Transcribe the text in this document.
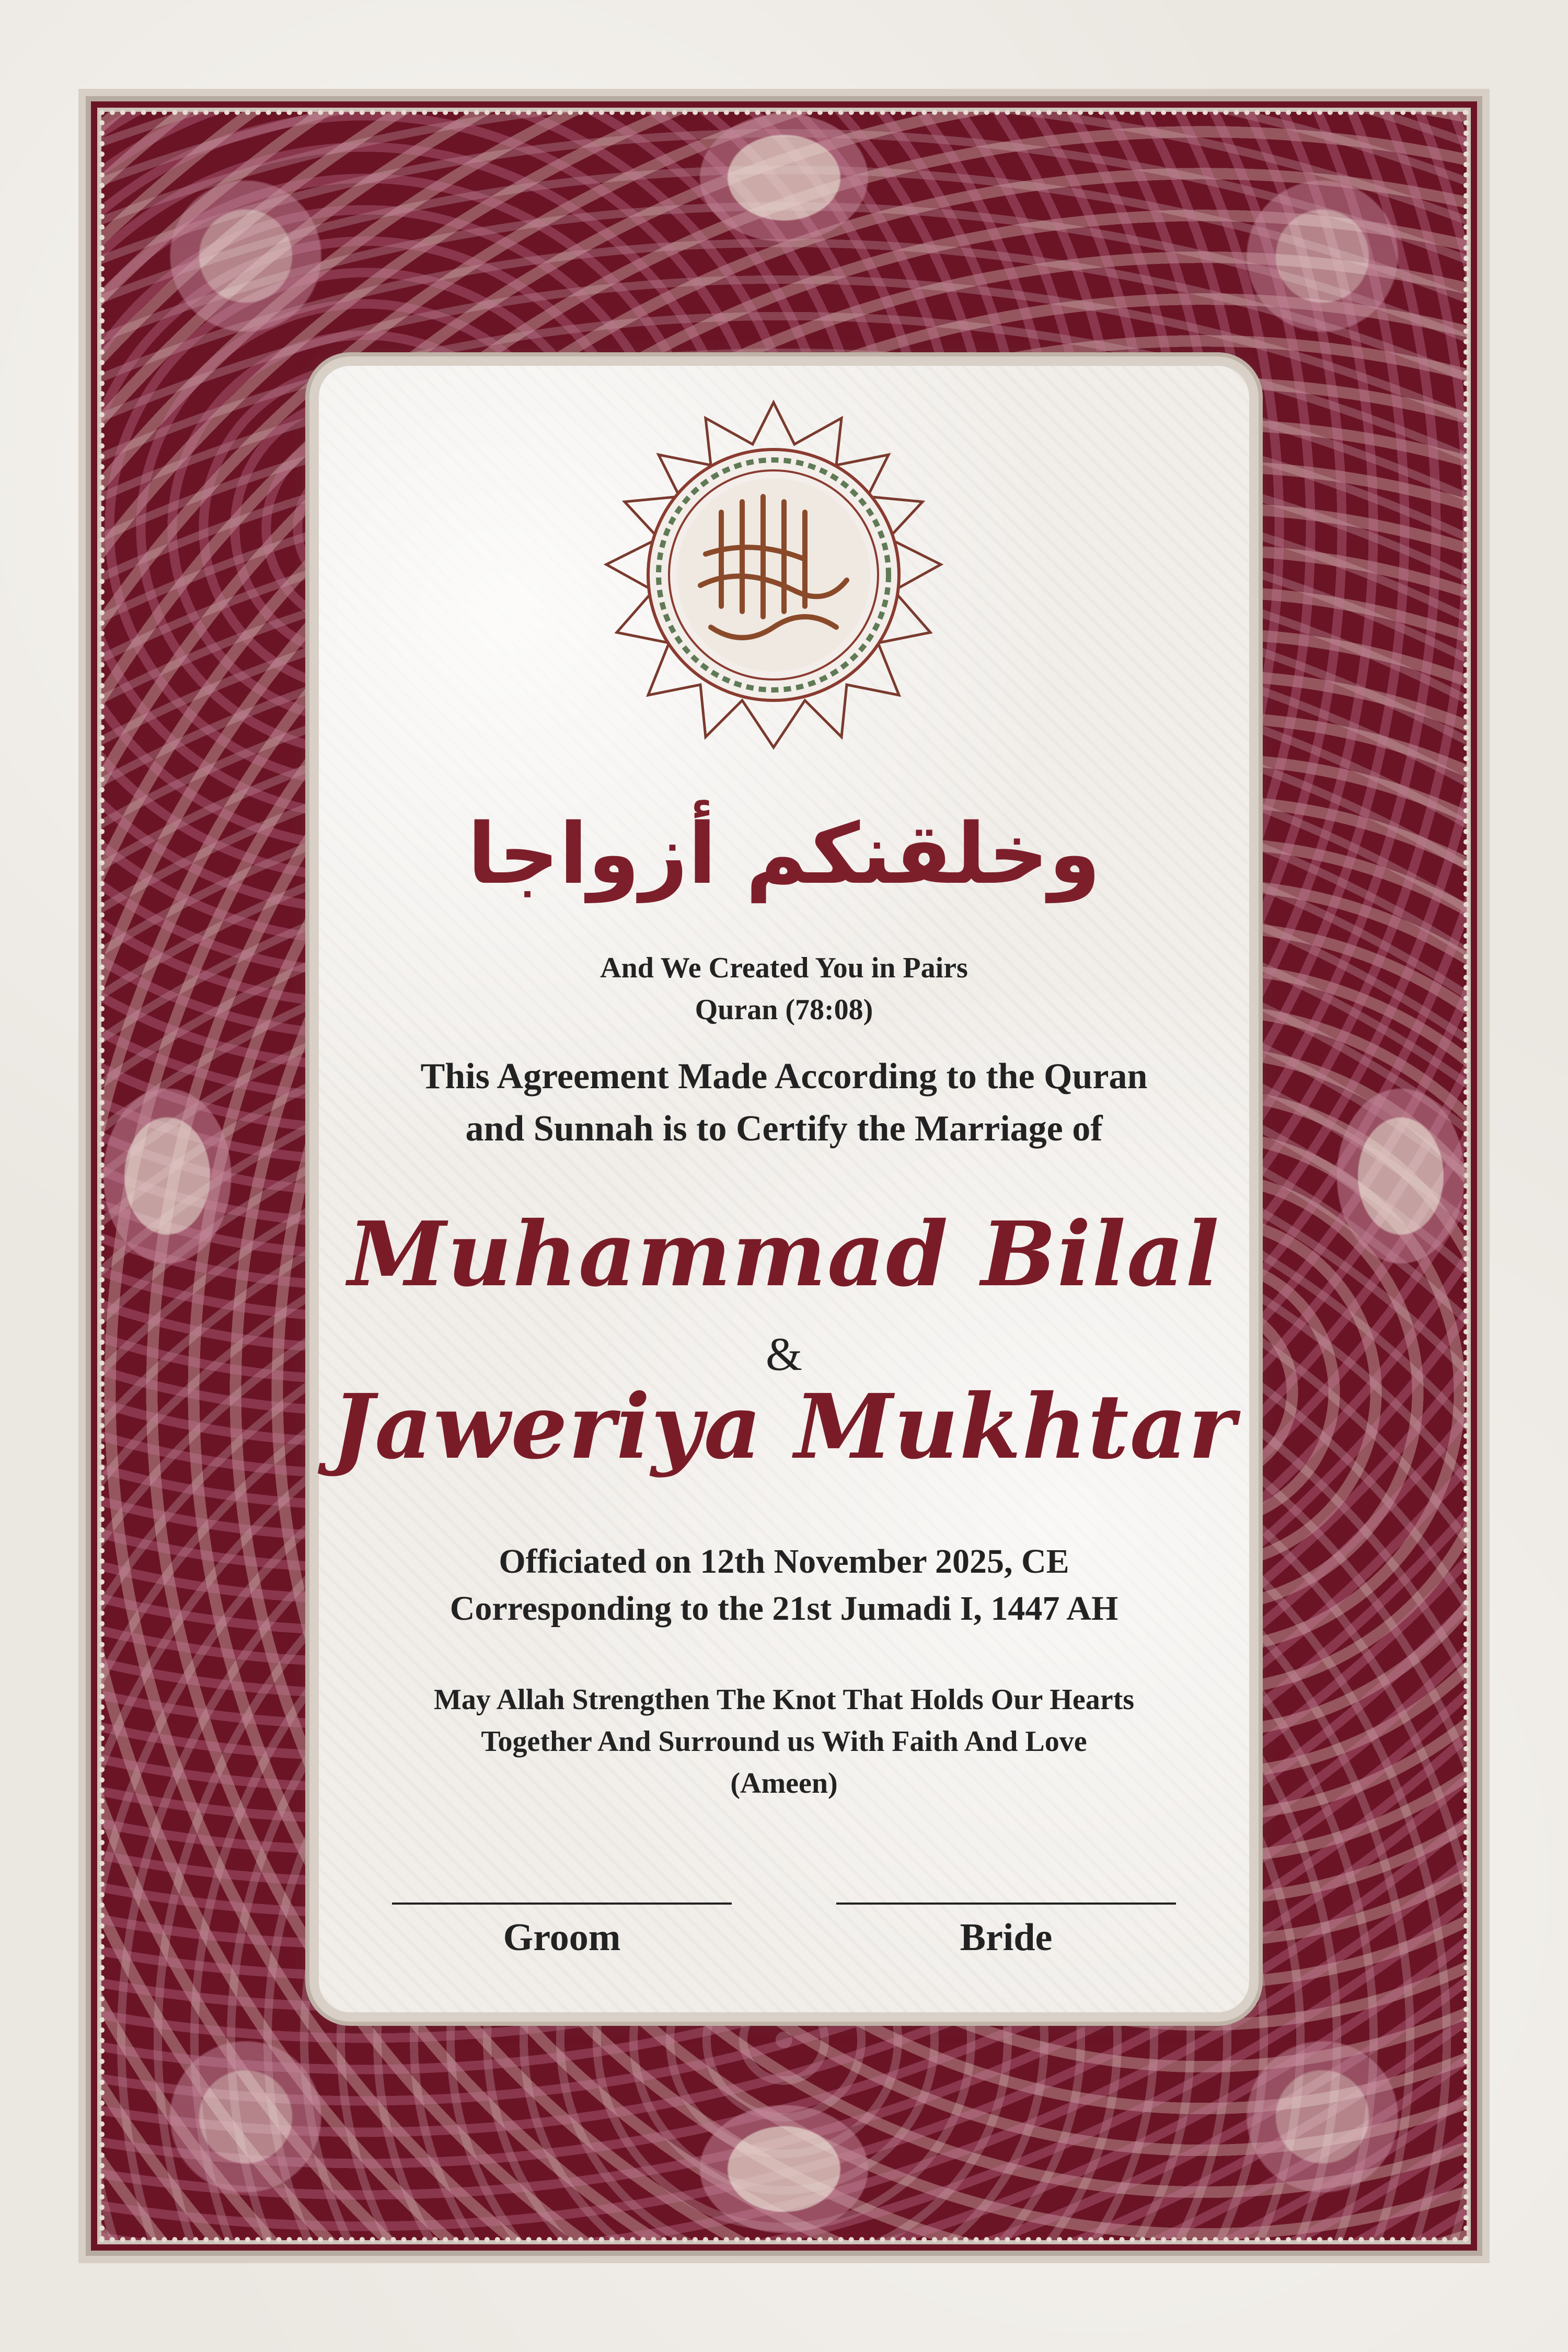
وخلقنكم أزواجا
And We Created You in Pairs
Quran (78:08)
This Agreement Made According to the Quran
and Sunnah is to Certify the Marriage of
Muhammad Bilal
&
Jaweriya Mukhtar
Officiated on 12th November 2025, CE
Corresponding to the 21st Jumadi I, 1447 AH
May Allah Strengthen The Knot That Holds Our Hearts
Together And Surround us With Faith And Love
(Ameen)
Groom	Bride
